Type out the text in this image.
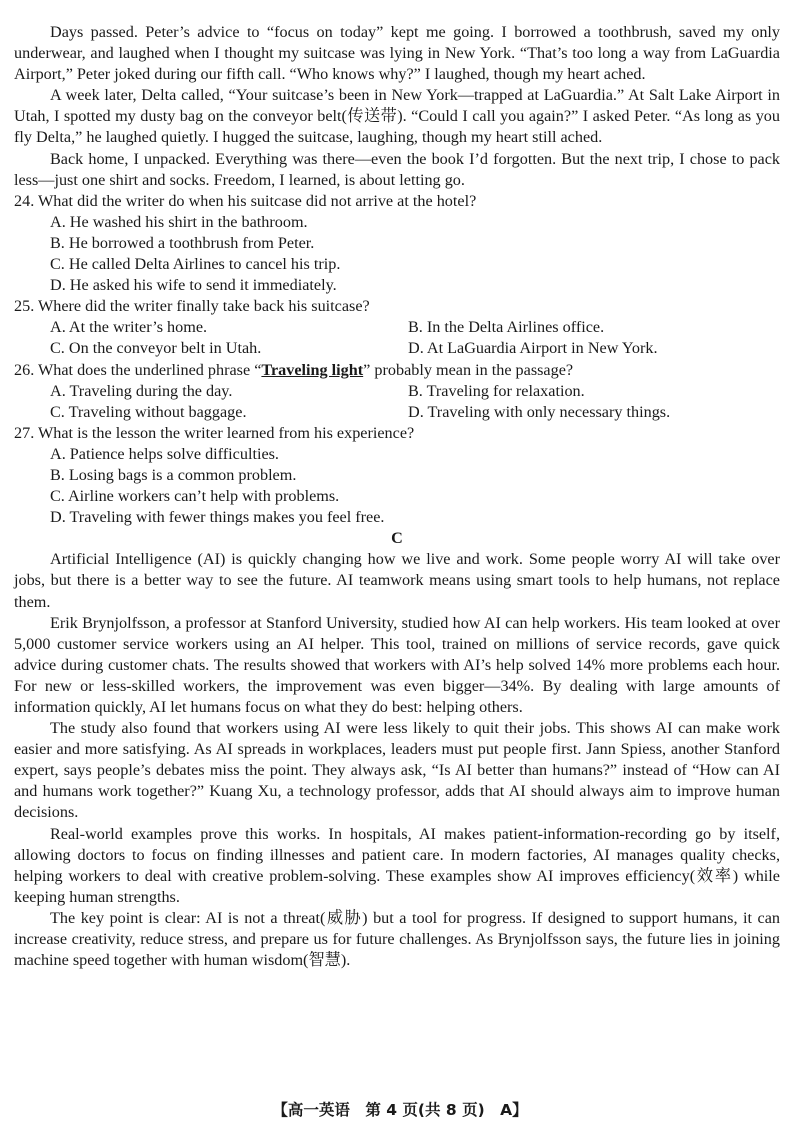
Days passed. Peter’s advice to “focus on today” kept me going. I borrowed a toothbrush, saved my only underwear, and laughed when I thought my suitcase was lying in New York. “That’s too long a way from LaGuardia Airport,” Peter joked during our fifth call. “Who knows why?” I laughed, though my heart ached.

A week later, Delta called, “Your suitcase’s been in New York—trapped at LaGuardia.” At Salt Lake Airport in Utah, I spotted my dusty bag on the conveyor belt(传送带). “Could I call you again?” I asked Peter. “As long as you fly Delta,” he laughed quietly. I hugged the suitcase, laughing, though my heart still ached.

Back home, I unpacked. Everything was there—even the book I’d forgotten. But the next trip, I chose to pack less—just one shirt and socks. Freedom, I learned, is about letting go.

24. What did the writer do when his suitcase did not arrive at the hotel?

A. He washed his shirt in the bathroom.

B. He borrowed a toothbrush from Peter.

C. He called Delta Airlines to cancel his trip.

D. He asked his wife to send it immediately.

25. Where did the writer finally take back his suitcase?

A. At the writer’s home.	B. In the Delta Airlines office.
C. On the conveyor belt in Utah.	D. At LaGuardia Airport in New York.

26. What does the underlined phrase “Traveling light” probably mean in the passage?

A. Traveling during the day.	B. Traveling for relaxation.
C. Traveling without baggage.	D. Traveling with only necessary things.

27. What is the lesson the writer learned from his experience?

A. Patience helps solve difficulties.

B. Losing bags is a common problem.

C. Airline workers can’t help with problems.

D. Traveling with fewer things makes you feel free.

C

Artificial Intelligence (AI) is quickly changing how we live and work. Some people worry AI will take over jobs, but there is a better way to see the future. AI teamwork means using smart tools to help humans, not replace them.

Erik Brynjolfsson, a professor at Stanford University, studied how AI can help workers. His team looked at over 5,000 customer service workers using an AI helper. This tool, trained on millions of service records, gave quick advice during customer chats. The results showed that workers with AI’s help solved 14% more problems each hour. For new or less-skilled workers, the improvement was even bigger—34%. By dealing with large amounts of information quickly, AI let humans focus on what they do best: helping others.

The study also found that workers using AI were less likely to quit their jobs. This shows AI can make work easier and more satisfying. As AI spreads in workplaces, leaders must put people first. Jann Spiess, another Stanford expert, says people’s debates miss the point. They always ask, “Is AI better than humans?” instead of “How can AI and humans work together?” Kuang Xu, a technology professor, adds that AI should always aim to improve human decisions.

Real-world examples prove this works. In hospitals, AI makes patient-information-recording go by itself, allowing doctors to focus on finding illnesses and patient care. In modern factories, AI manages quality checks, helping workers to deal with creative problem-solving. These examples show AI improves efficiency(效率) while keeping human strengths.

The key point is clear: AI is not a threat(威胁) but a tool for progress. If designed to support humans, it can increase creativity, reduce stress, and prepare us for future challenges. As Brynjolfsson says, the future lies in joining machine speed together with human wisdom(智慧).

【高一英语　第 4 页(共 8 页)　A】
